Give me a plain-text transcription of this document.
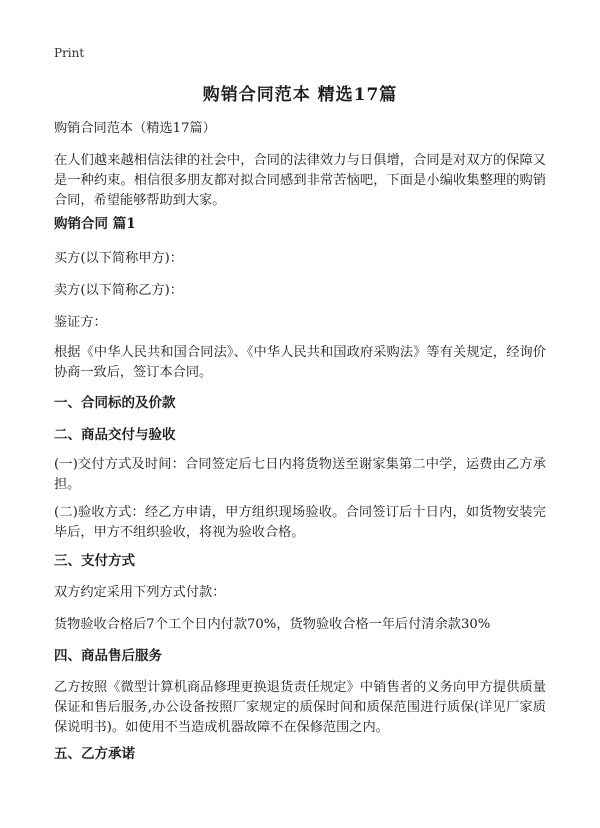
Print
购销合同范本 精选17篇
购销合同范本（精选17篇）
在人们越来越相信法律的社会中，合同的法律效力与日俱增，合同是对双方的保障又是一种约束。相信很多朋友都对拟合同感到非常苦恼吧，下面是小编收集整理的购销合同，希望能够帮助到大家。
购销合同 篇1
买方(以下简称甲方)：
卖方(以下简称乙方)：
鉴证方：
根据《中华人民共和国合同法》、《中华人民共和国政府采购法》等有关规定，经询价协商一致后，签订本合同。
一、合同标的及价款
二、商品交付与验收
(一)交付方式及时间：合同签定后七日内将货物送至谢家集第二中学，运费由乙方承担。
(二)验收方式：经乙方申请，甲方组织现场验收。合同签订后十日内，如货物安装完毕后，甲方不组织验收，将视为验收合格。
三、支付方式
双方约定采用下列方式付款：
货物验收合格后7个工个日内付款70%，货物验收合格一年后付清余款30%
四、商品售后服务
乙方按照《微型计算机商品修理更换退货责任规定》中销售者的义务向甲方提供质量保证和售后服务,办公设备按照厂家规定的质保时间和质保范围进行质保(详见厂家质保说明书)。如使用不当造成机器故障不在保修范围之内。
五、乙方承诺
